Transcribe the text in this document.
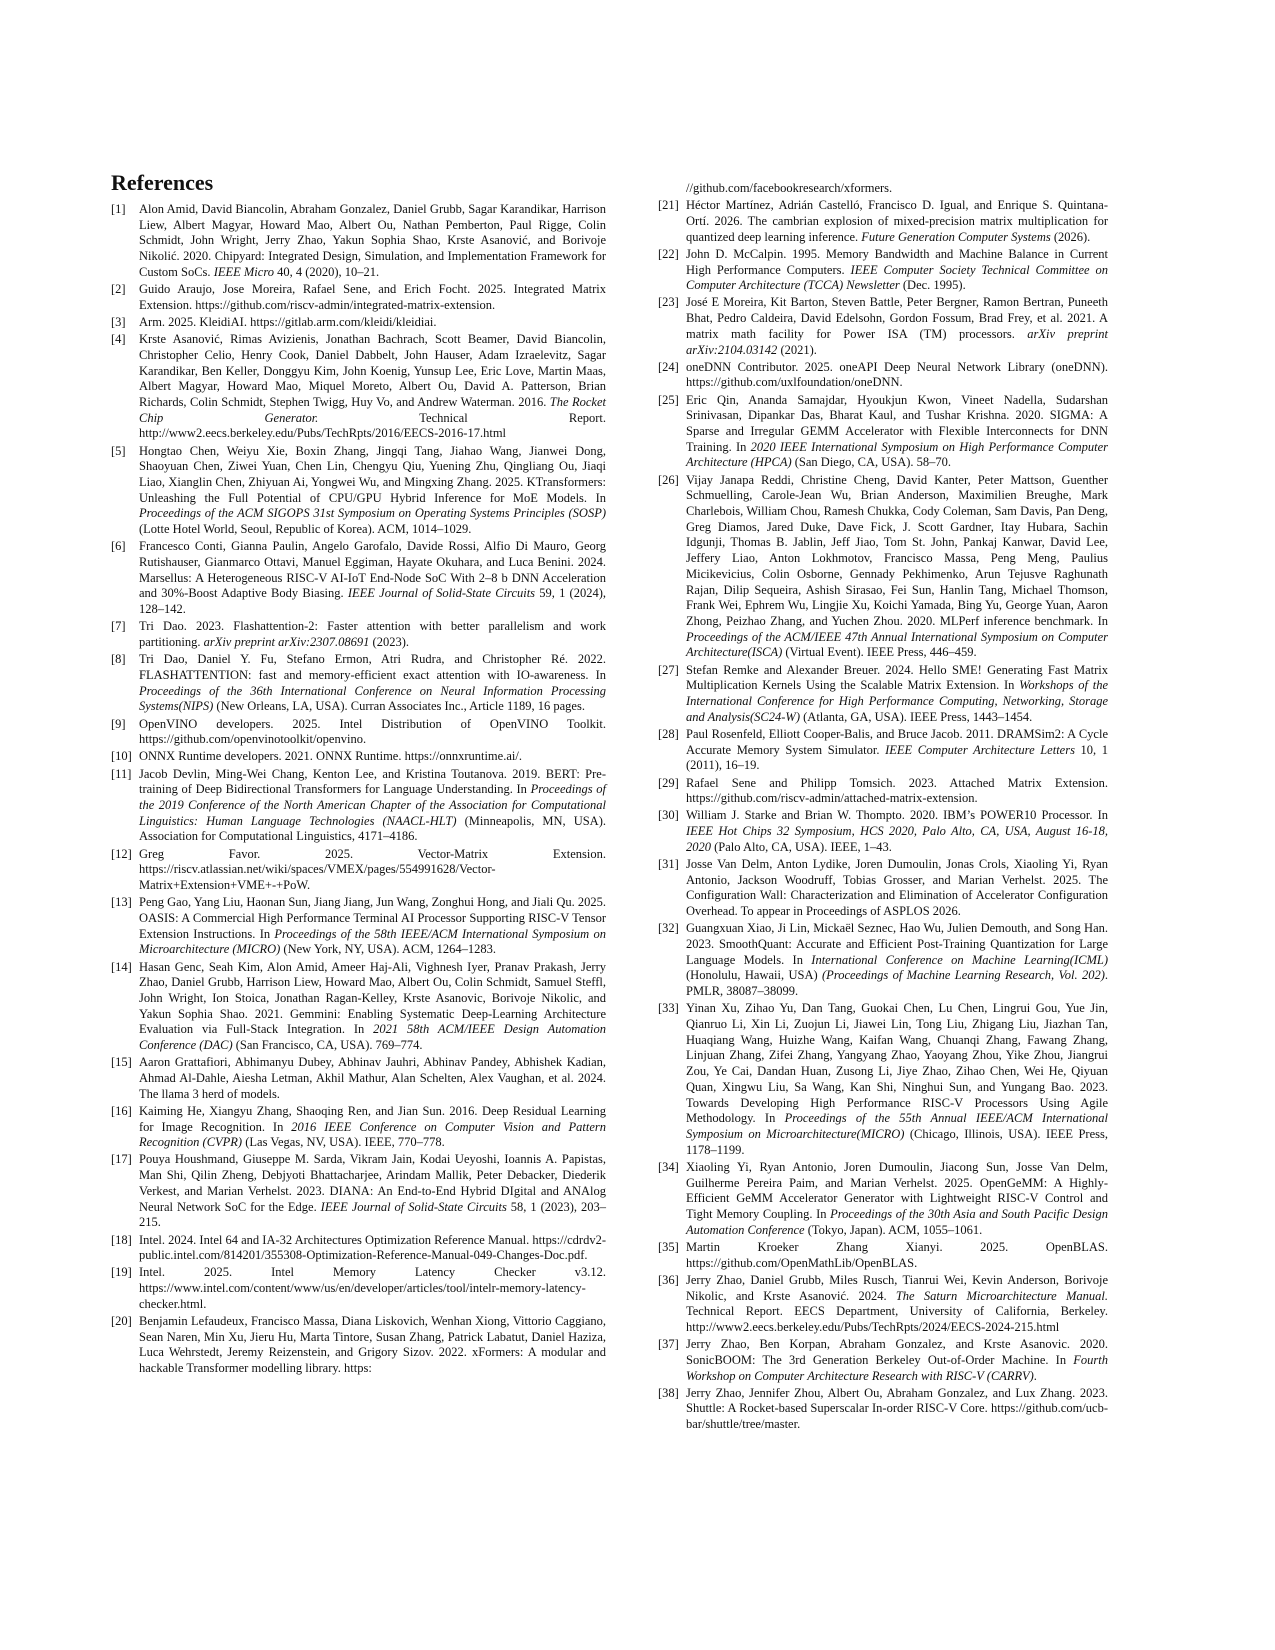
References
[1] Alon Amid, David Biancolin, Abraham Gonzalez, Daniel Grubb, Sagar Karandikar, Harrison Liew, Albert Magyar, Howard Mao, Albert Ou, Nathan Pemberton, Paul Rigge, Colin Schmidt, John Wright, Jerry Zhao, Yakun Sophia Shao, Krste Asanović, and Borivoje Nikolić. 2020. Chipyard: Integrated Design, Simulation, and Implementation Framework for Custom SoCs. IEEE Micro 40, 4 (2020), 10–21.
[2] Guido Araujo, Jose Moreira, Rafael Sene, and Erich Focht. 2025. Integrated Matrix Extension. https://github.com/riscv-admin/integrated-matrix-extension.
[3] Arm. 2025. KleidiAI. https://gitlab.arm.com/kleidi/kleidiai.
[4] Krste Asanović, Rimas Avizienis, Jonathan Bachrach, Scott Beamer, David Biancolin, Christopher Celio, Henry Cook, Daniel Dabbelt, John Hauser, Adam Izraelevitz, Sagar Karandikar, Ben Keller, Donggyu Kim, John Koenig, Yunsup Lee, Eric Love, Martin Maas, Albert Magyar, Howard Mao, Miquel Moreto, Albert Ou, David A. Patterson, Brian Richards, Colin Schmidt, Stephen Twigg, Huy Vo, and Andrew Waterman. 2016. The Rocket Chip Generator. Technical Report. http://www2.eecs.berkeley.edu/Pubs/TechRpts/2016/EECS-2016-17.html
[5] Hongtao Chen, Weiyu Xie, Boxin Zhang, Jingqi Tang, Jiahao Wang, Jianwei Dong, Shaoyuan Chen, Ziwei Yuan, Chen Lin, Chengyu Qiu, Yuening Zhu, Qingliang Ou, Jiaqi Liao, Xianglin Chen, Zhiyuan Ai, Yongwei Wu, and Mingxing Zhang. 2025. KTransformers: Unleashing the Full Potential of CPU/GPU Hybrid Inference for MoE Models. In Proceedings of the ACM SIGOPS 31st Symposium on Operating Systems Principles (SOSP) (Lotte Hotel World, Seoul, Republic of Korea). ACM, 1014–1029.
[6] Francesco Conti, Gianna Paulin, Angelo Garofalo, Davide Rossi, Alfio Di Mauro, Georg Rutishauser, Gianmarco Ottavi, Manuel Eggiman, Hayate Okuhara, and Luca Benini. 2024. Marsellus: A Heterogeneous RISC-V AI-IoT End-Node SoC With 2–8 b DNN Acceleration and 30%-Boost Adaptive Body Biasing. IEEE Journal of Solid-State Circuits 59, 1 (2024), 128–142.
[7] Tri Dao. 2023. Flashattention-2: Faster attention with better parallelism and work partitioning. arXiv preprint arXiv:2307.08691 (2023).
[8] Tri Dao, Daniel Y. Fu, Stefano Ermon, Atri Rudra, and Christopher Ré. 2022. FLASHATTENTION: fast and memory-efficient exact attention with IO-awareness. In Proceedings of the 36th International Conference on Neural Information Processing Systems(NIPS) (New Orleans, LA, USA). Curran Associates Inc., Article 1189, 16 pages.
[9] OpenVINO developers. 2025. Intel Distribution of OpenVINO Toolkit. https://github.com/openvinotoolkit/openvino.
[10] ONNX Runtime developers. 2021. ONNX Runtime. https://onnxruntime.ai/.
[11] Jacob Devlin, Ming-Wei Chang, Kenton Lee, and Kristina Toutanova. 2019. BERT: Pre-training of Deep Bidirectional Transformers for Language Understanding. In Proceedings of the 2019 Conference of the North American Chapter of the Association for Computational Linguistics: Human Language Technologies (NAACL-HLT) (Minneapolis, MN, USA). Association for Computational Linguistics, 4171–4186.
[12] Greg Favor. 2025. Vector-Matrix Extension. https://riscv.atlassian.net/wiki/spaces/VMEX/pages/554991628/Vector-Matrix+Extension+VME+-+PoW.
[13] Peng Gao, Yang Liu, Haonan Sun, Jiang Jiang, Jun Wang, Zonghui Hong, and Jiali Qu. 2025. OASIS: A Commercial High Performance Terminal AI Processor Supporting RISC-V Tensor Extension Instructions. In Proceedings of the 58th IEEE/ACM International Symposium on Microarchitecture (MICRO) (New York, NY, USA). ACM, 1264–1283.
[14] Hasan Genc, Seah Kim, Alon Amid, Ameer Haj-Ali, Vighnesh Iyer, Pranav Prakash, Jerry Zhao, Daniel Grubb, Harrison Liew, Howard Mao, Albert Ou, Colin Schmidt, Samuel Steffl, John Wright, Ion Stoica, Jonathan Ragan-Kelley, Krste Asanovic, Borivoje Nikolic, and Yakun Sophia Shao. 2021. Gemmini: Enabling Systematic Deep-Learning Architecture Evaluation via Full-Stack Integration. In 2021 58th ACM/IEEE Design Automation Conference (DAC) (San Francisco, CA, USA). 769–774.
[15] Aaron Grattafiori, Abhimanyu Dubey, Abhinav Jauhri, Abhinav Pandey, Abhishek Kadian, Ahmad Al-Dahle, Aiesha Letman, Akhil Mathur, Alan Schelten, Alex Vaughan, et al. 2024. The llama 3 herd of models.
[16] Kaiming He, Xiangyu Zhang, Shaoqing Ren, and Jian Sun. 2016. Deep Residual Learning for Image Recognition. In 2016 IEEE Conference on Computer Vision and Pattern Recognition (CVPR) (Las Vegas, NV, USA). IEEE, 770–778.
[17] Pouya Houshmand, Giuseppe M. Sarda, Vikram Jain, Kodai Ueyoshi, Ioannis A. Papistas, Man Shi, Qilin Zheng, Debjyoti Bhattacharjee, Arindam Mallik, Peter Debacker, Diederik Verkest, and Marian Verhelst. 2023. DIANA: An End-to-End Hybrid DIgital and ANAlog Neural Network SoC for the Edge. IEEE Journal of Solid-State Circuits 58, 1 (2023), 203–215.
[18] Intel. 2024. Intel 64 and IA-32 Architectures Optimization Reference Manual. https://cdrdv2-public.intel.com/814201/355308-Optimization-Reference-Manual-049-Changes-Doc.pdf.
[19] Intel. 2025. Intel Memory Latency Checker v3.12. https://www.intel.com/content/www/us/en/developer/articles/tool/intelr-memory-latency-checker.html.
[20] Benjamin Lefaudeux, Francisco Massa, Diana Liskovich, Wenhan Xiong, Vittorio Caggiano, Sean Naren, Min Xu, Jieru Hu, Marta Tintore, Susan Zhang, Patrick Labatut, Daniel Haziza, Luca Wehrstedt, Jeremy Reizenstein, and Grigory Sizov. 2022. xFormers: A modular and hackable Transformer modelling library. https:
//github.com/facebookresearch/xformers.
[21] Héctor Martínez, Adrián Castelló, Francisco D. Igual, and Enrique S. Quintana-Ortí. 2026. The cambrian explosion of mixed-precision matrix multiplication for quantized deep learning inference. Future Generation Computer Systems (2026).
[22] John D. McCalpin. 1995. Memory Bandwidth and Machine Balance in Current High Performance Computers. IEEE Computer Society Technical Committee on Computer Architecture (TCCA) Newsletter (Dec. 1995).
[23] José E Moreira, Kit Barton, Steven Battle, Peter Bergner, Ramon Bertran, Puneeth Bhat, Pedro Caldeira, David Edelsohn, Gordon Fossum, Brad Frey, et al. 2021. A matrix math facility for Power ISA (TM) processors. arXiv preprint arXiv:2104.03142 (2021).
[24] oneDNN Contributor. 2025. oneAPI Deep Neural Network Library (oneDNN). https://github.com/uxlfoundation/oneDNN.
[25] Eric Qin, Ananda Samajdar, Hyoukjun Kwon, Vineet Nadella, Sudarshan Srinivasan, Dipankar Das, Bharat Kaul, and Tushar Krishna. 2020. SIGMA: A Sparse and Irregular GEMM Accelerator with Flexible Interconnects for DNN Training. In 2020 IEEE International Symposium on High Performance Computer Architecture (HPCA) (San Diego, CA, USA). 58–70.
[26] Vijay Janapa Reddi, Christine Cheng, David Kanter, Peter Mattson, Guenther Schmuelling, Carole-Jean Wu, Brian Anderson, Maximilien Breughe, Mark Charlebois, William Chou, Ramesh Chukka, Cody Coleman, Sam Davis, Pan Deng, Greg Diamos, Jared Duke, Dave Fick, J. Scott Gardner, Itay Hubara, Sachin Idgunji, Thomas B. Jablin, Jeff Jiao, Tom St. John, Pankaj Kanwar, David Lee, Jeffery Liao, Anton Lokhmotov, Francisco Massa, Peng Meng, Paulius Micikevicius, Colin Osborne, Gennady Pekhimenko, Arun Tejusve Raghunath Rajan, Dilip Sequeira, Ashish Sirasao, Fei Sun, Hanlin Tang, Michael Thomson, Frank Wei, Ephrem Wu, Lingjie Xu, Koichi Yamada, Bing Yu, George Yuan, Aaron Zhong, Peizhao Zhang, and Yuchen Zhou. 2020. MLPerf inference benchmark. In Proceedings of the ACM/IEEE 47th Annual International Symposium on Computer Architecture(ISCA) (Virtual Event). IEEE Press, 446–459.
[27] Stefan Remke and Alexander Breuer. 2024. Hello SME! Generating Fast Matrix Multiplication Kernels Using the Scalable Matrix Extension. In Workshops of the International Conference for High Performance Computing, Networking, Storage and Analysis(SC24-W) (Atlanta, GA, USA). IEEE Press, 1443–1454.
[28] Paul Rosenfeld, Elliott Cooper-Balis, and Bruce Jacob. 2011. DRAMSim2: A Cycle Accurate Memory System Simulator. IEEE Computer Architecture Letters 10, 1 (2011), 16–19.
[29] Rafael Sene and Philipp Tomsich. 2023. Attached Matrix Extension. https://github.com/riscv-admin/attached-matrix-extension.
[30] William J. Starke and Brian W. Thompto. 2020. IBM’s POWER10 Processor. In IEEE Hot Chips 32 Symposium, HCS 2020, Palo Alto, CA, USA, August 16-18, 2020 (Palo Alto, CA, USA). IEEE, 1–43.
[31] Josse Van Delm, Anton Lydike, Joren Dumoulin, Jonas Crols, Xiaoling Yi, Ryan Antonio, Jackson Woodruff, Tobias Grosser, and Marian Verhelst. 2025. The Configuration Wall: Characterization and Elimination of Accelerator Configuration Overhead. To appear in Proceedings of ASPLOS 2026.
[32] Guangxuan Xiao, Ji Lin, Mickaël Seznec, Hao Wu, Julien Demouth, and Song Han. 2023. SmoothQuant: Accurate and Efficient Post-Training Quantization for Large Language Models. In International Conference on Machine Learning(ICML) (Honolulu, Hawaii, USA) (Proceedings of Machine Learning Research, Vol. 202). PMLR, 38087–38099.
[33] Yinan Xu, Zihao Yu, Dan Tang, Guokai Chen, Lu Chen, Lingrui Gou, Yue Jin, Qianruo Li, Xin Li, Zuojun Li, Jiawei Lin, Tong Liu, Zhigang Liu, Jiazhan Tan, Huaqiang Wang, Huizhe Wang, Kaifan Wang, Chuanqi Zhang, Fawang Zhang, Linjuan Zhang, Zifei Zhang, Yangyang Zhao, Yaoyang Zhou, Yike Zhou, Jiangrui Zou, Ye Cai, Dandan Huan, Zusong Li, Jiye Zhao, Zihao Chen, Wei He, Qiyuan Quan, Xingwu Liu, Sa Wang, Kan Shi, Ninghui Sun, and Yungang Bao. 2023. Towards Developing High Performance RISC-V Processors Using Agile Methodology. In Proceedings of the 55th Annual IEEE/ACM International Symposium on Microarchitecture(MICRO) (Chicago, Illinois, USA). IEEE Press, 1178–1199.
[34] Xiaoling Yi, Ryan Antonio, Joren Dumoulin, Jiacong Sun, Josse Van Delm, Guilherme Pereira Paim, and Marian Verhelst. 2025. OpenGeMM: A Highly-Efficient GeMM Accelerator Generator with Lightweight RISC-V Control and Tight Memory Coupling. In Proceedings of the 30th Asia and South Pacific Design Automation Conference (Tokyo, Japan). ACM, 1055–1061.
[35] Martin Kroeker Zhang Xianyi. 2025. OpenBLAS. https://github.com/OpenMathLib/OpenBLAS.
[36] Jerry Zhao, Daniel Grubb, Miles Rusch, Tianrui Wei, Kevin Anderson, Borivoje Nikolic, and Krste Asanović. 2024. The Saturn Microarchitecture Manual. Technical Report. EECS Department, University of California, Berkeley. http://www2.eecs.berkeley.edu/Pubs/TechRpts/2024/EECS-2024-215.html
[37] Jerry Zhao, Ben Korpan, Abraham Gonzalez, and Krste Asanovic. 2020. SonicBOOM: The 3rd Generation Berkeley Out-of-Order Machine. In Fourth Workshop on Computer Architecture Research with RISC-V (CARRV).
[38] Jerry Zhao, Jennifer Zhou, Albert Ou, Abraham Gonzalez, and Lux Zhang. 2023. Shuttle: A Rocket-based Superscalar In-order RISC-V Core. https://github.com/ucb-bar/shuttle/tree/master.
